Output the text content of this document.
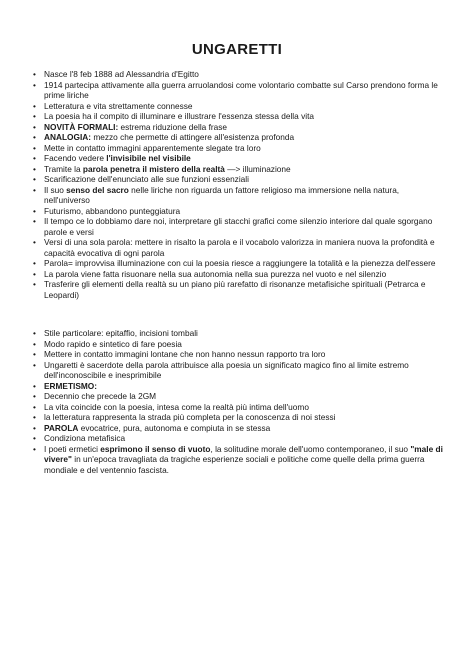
UNGARETTI
• Nasce l'8 feb 1888 ad Alessandria d'Egitto
• 1914 partecipa attivamente alla guerra arruolandosi come volontario combatte sul Carso prendono forma le prime liriche
• Letteratura e vita strettamente connesse
• La poesia ha il compito di illuminare e illustrare l'essenza stessa della vita
• NOVITÀ FORMALI: estrema riduzione della frase
• ANALOGIA: mezzo che permette di attingere all'esistenza profonda
• Mette in contatto immagini apparentemente slegate tra loro
• Facendo vedere l'invisibile nel visibile
• Tramite la parola penetra il mistero della realtà —> illuminazione
• Scarificazione dell'enunciato alle sue funzioni essenziali
• Il suo senso del sacro nelle liriche non riguarda un fattore religioso ma immersione nella natura, nell'universo
• Futurismo, abbandono punteggiatura
• Il tempo ce lo dobbiamo dare noi, interpretare gli stacchi grafici come silenzio interiore dal quale sgorgano parole e versi
• Versi di una sola parola: mettere in risalto la parola e il vocabolo valorizza in maniera nuova la profondità e capacità evocativa di ogni parola
• Parola= improvvisa illuminazione con cui la poesia riesce a raggiungere la totalità e la pienezza dell'essere
• La parola viene fatta risuonare nella sua autonomia nella sua purezza nel vuoto e nel silenzio
• Trasferire gli elementi della realtà su un piano più rarefatto di risonanze metafisiche spirituali (Petrarca e Leopardi)
• Stile particolare: epitaffio, incisioni tombali
• Modo rapido e sintetico di fare poesia
• Mettere in contatto immagini lontane che non hanno nessun rapporto tra loro
• Ungaretti è sacerdote della parola attribuisce alla poesia un significato magico fino al limite estremo dell'inconoscibile e inesprimibile
• ERMETISMO:
• Decennio che precede la 2GM
• La vita coincide con la poesia, intesa come la realtà più intima dell'uomo
• la letteratura rappresenta la strada più completa per la conoscenza di noi stessi
• PAROLA evocatrice, pura, autonoma e compiuta in se stessa
• Condiziona metafisica
• I poeti ermetici esprimono il senso di vuoto, la solitudine morale dell'uomo contemporaneo, il suo "male di vivere" in un'epoca travagliata da tragiche esperienze sociali e politiche come quelle della prima guerra mondiale e del ventennio fascista.
